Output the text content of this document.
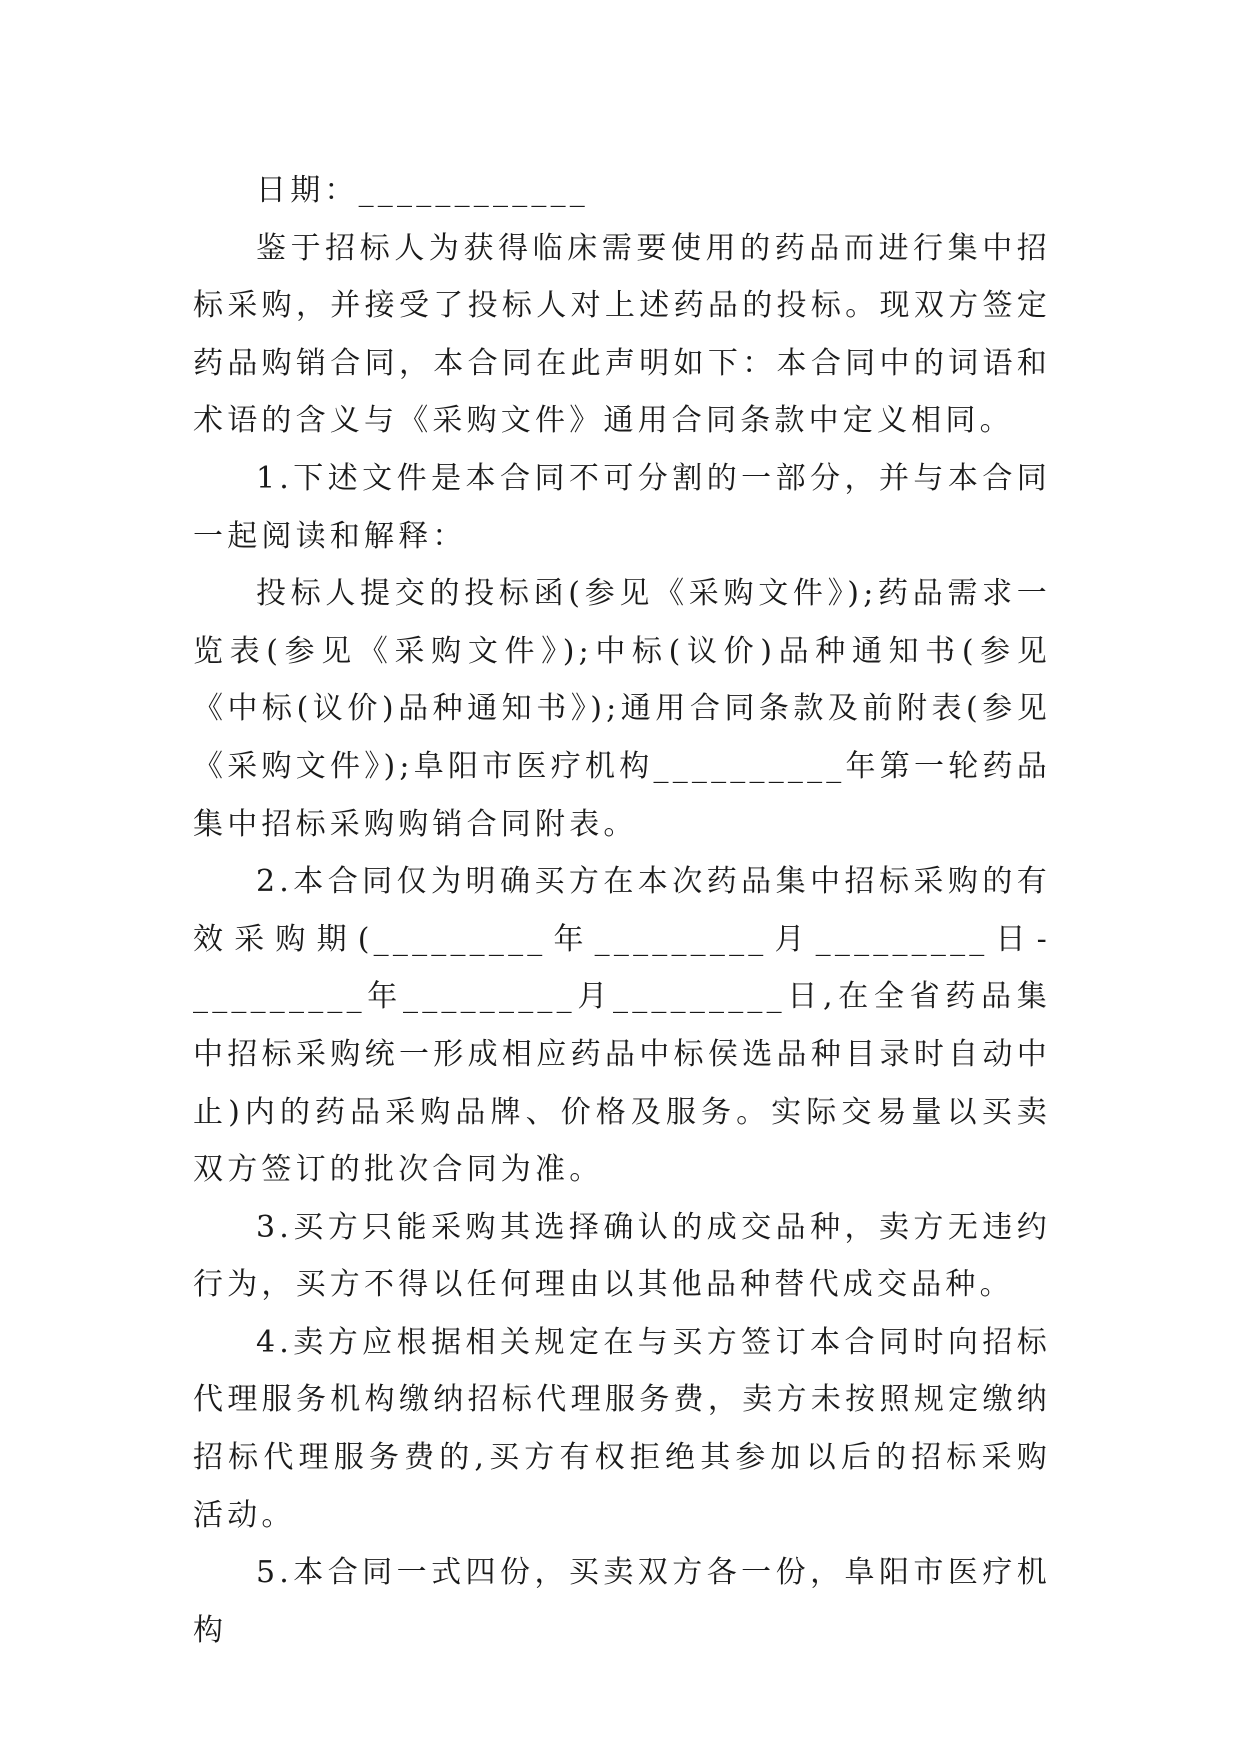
日期：____________

鉴于招标人为获得临床需要使用的药品而进行集中招标采购，并接受了投标人对上述药品的投标。现双方签定药品购销合同，本合同在此声明如下：本合同中的词语和术语的含义与《采购文件》通用合同条款中定义相同。

1.下述文件是本合同不可分割的一部分，并与本合同一起阅读和解释：

投标人提交的投标函(参见《采购文件》);药品需求一览表(参见《采购文件》);中标(议价)品种通知书(参见《中标(议价)品种通知书》);通用合同条款及前附表(参见《采购文件》);阜阳市医疗机构__________年第一轮药品集中招标采购购销合同附表。

2.本合同仅为明确买方在本次药品集中招标采购的有效采购期(_________年_________月_________日-_________年_________月_________日,在全省药品集中招标采购统一形成相应药品中标侯选品种目录时自动中止)内的药品采购品牌、价格及服务。实际交易量以买卖双方签订的批次合同为准。

3.买方只能采购其选择确认的成交品种，卖方无违约行为，买方不得以任何理由以其他品种替代成交品种。

4.卖方应根据相关规定在与买方签订本合同时向招标代理服务机构缴纳招标代理服务费，卖方未按照规定缴纳招标代理服务费的,买方有权拒绝其参加以后的招标采购活动。

5.本合同一式四份，买卖双方各一份，阜阳市医疗机构
